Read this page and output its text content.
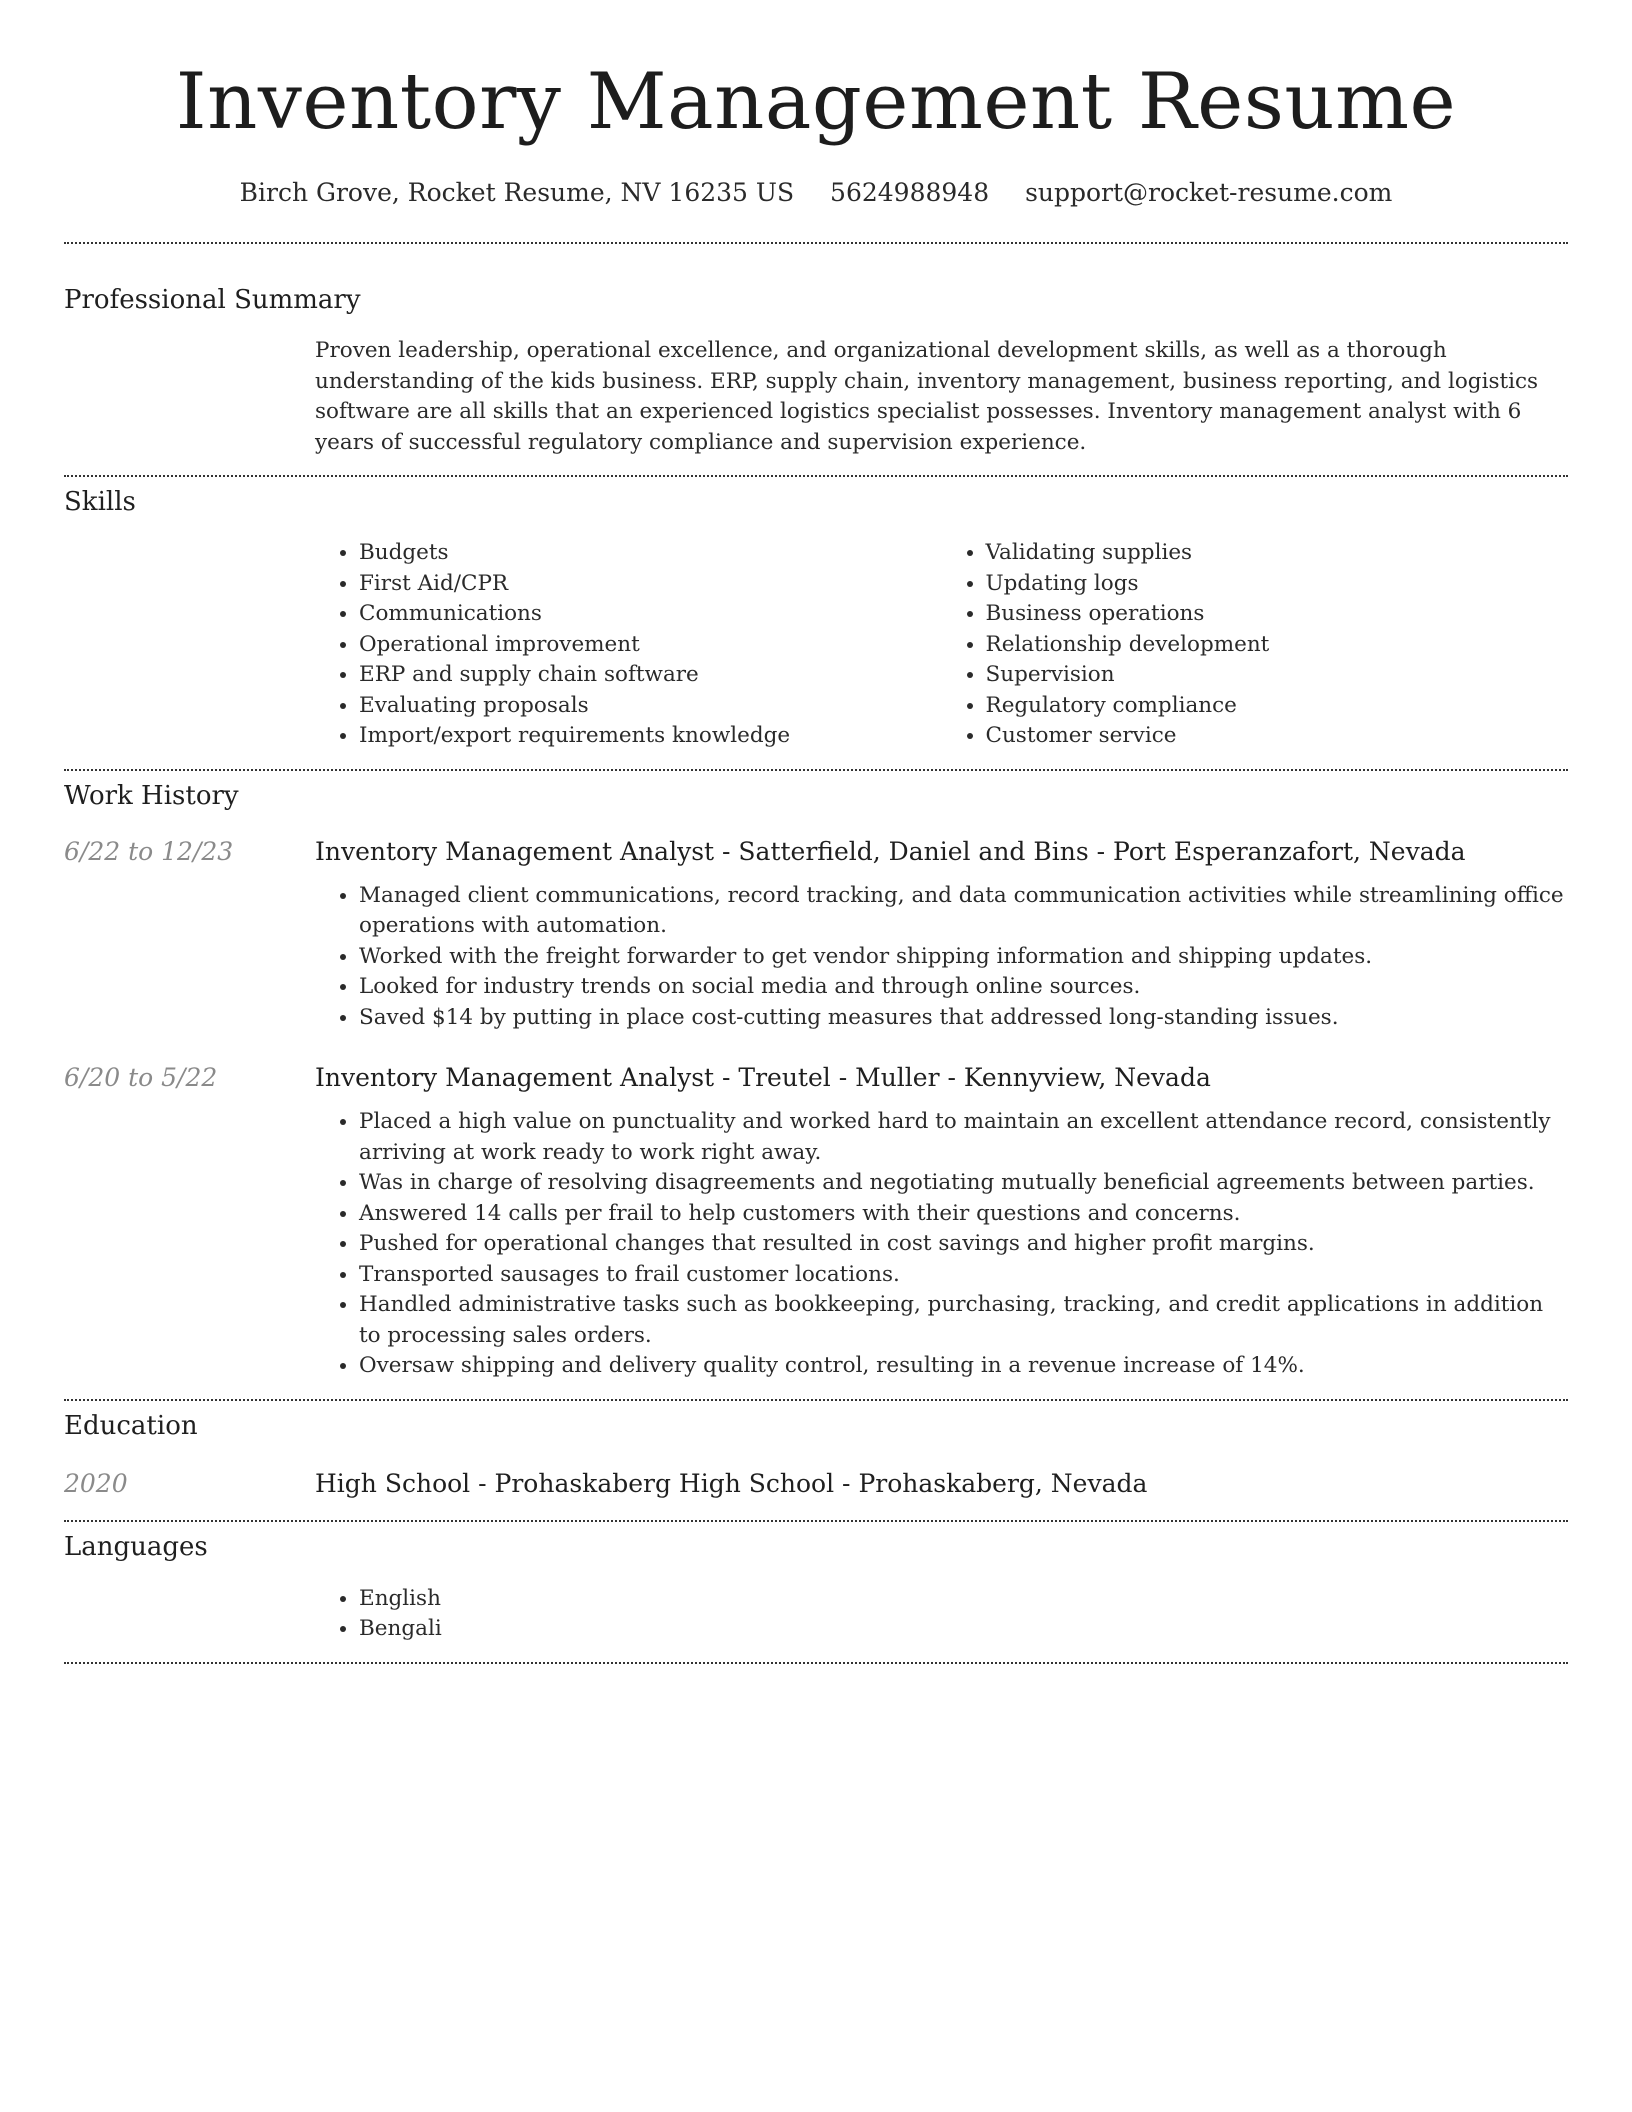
Inventory Management Resume
Birch Grove, Rocket Resume, NV 16235 US 5624988948 support@rocket-resume.com
Professional Summary

Proven leadership, operational excellence, and organizational development skills, as well as a thorough understanding of the kids business. ERP, supply chain, inventory management, business reporting, and logistics software are all skills that an experienced logistics specialist possesses. Inventory management analyst with 6 years of successful regulatory compliance and supervision experience.

Skills
• Budgets
• First Aid/CPR
• Communications
• Operational improvement
• ERP and supply chain software
• Evaluating proposals
• Import/export requirements knowledge
• Validating supplies
• Updating logs
• Business operations
• Relationship development
• Supervision
• Regulatory compliance
• Customer service
Work History
6/22 to 12/23	Inventory Management Analyst - Satterfield, Daniel and Bins - Port Esperanzafort, Nevada
• Managed client communications, record tracking, and data communication activities while streamlining office operations with automation.
• Worked with the freight forwarder to get vendor shipping information and shipping updates.
• Looked for industry trends on social media and through online sources.
• Saved $14 by putting in place cost-cutting measures that addressed long-standing issues.
6/20 to 5/22	Inventory Management Analyst - Treutel - Muller - Kennyview, Nevada
• Placed a high value on punctuality and worked hard to maintain an excellent attendance record, consistently arriving at work ready to work right away.
• Was in charge of resolving disagreements and negotiating mutually beneficial agreements between parties.
• Answered 14 calls per frail to help customers with their questions and concerns.
• Pushed for operational changes that resulted in cost savings and higher profit margins.
• Transported sausages to frail customer locations.
• Handled administrative tasks such as bookkeeping, purchasing, tracking, and credit applications in addition to processing sales orders.
• Oversaw shipping and delivery quality control, resulting in a revenue increase of 14%.
Education
2020	High School - Prohaskaberg High School - Prohaskaberg, Nevada
Languages
• English
• Bengali
